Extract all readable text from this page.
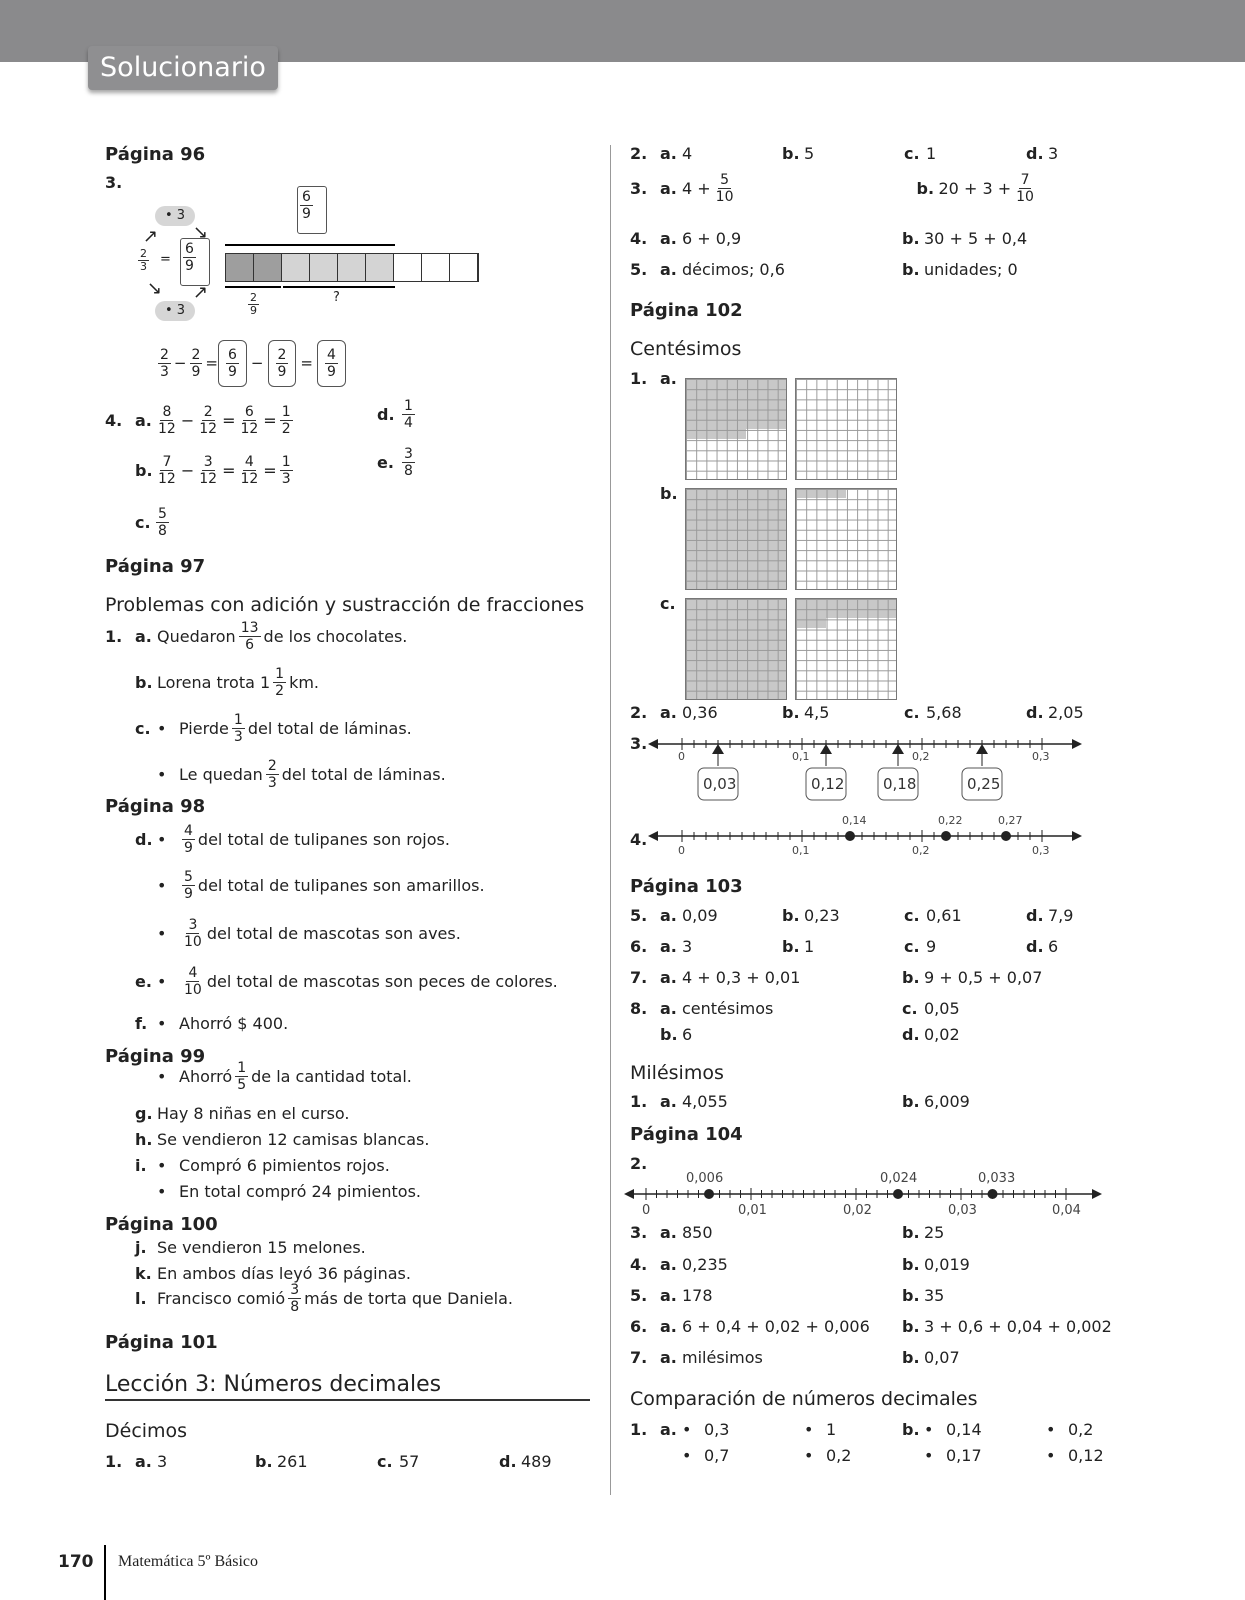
Solucionario
Página 96
3.
• 3
• 3
↗ ↘
↘ ↗
$\frac{2}{3} = \frac{6}{9}$
$\frac{6}{9}$
$\frac{2}{9}$	?
$\frac{2}{3} - \frac{2}{9} = \frac{6}{9} - \frac{2}{9} = \frac{4}{9}$
4. a. $\frac{8}{12} - \frac{2}{12} = \frac{6}{12} = \frac{1}{2}$	d. $\frac{1}{4}$
b. $\frac{7}{12} - \frac{3}{12} = \frac{4}{12} = \frac{1}{3}$	e. $\frac{3}{8}$
c. $\frac{5}{8}$
Página 97
Problemas con adición y sustracción de fracciones
1. a. Quedaron $\frac{13}{6}$ de los chocolates.
b. Lorena trota $1 \frac{1}{2}$ km.
c. • Pierde $\frac{1}{3}$ del total de láminas.
• Le quedan $\frac{2}{3}$ del total de láminas.
Página 98
d. •	$\frac{4}{9}$ del total de tulipanes son rojos.
•	$\frac{5}{9}$ del total de tulipanes son amarillos.
•	$\frac{3}{10}$ del total de mascotas son aves.
e. •	$\frac{4}{10}$ del total de mascotas son peces de colores.
f. • Ahorró $ 400.
Página 99
• Ahorró $\frac{1}{5}$ de la cantidad total.
g. Hay 8 niñas en el curso.
h. Se vendieron 12 camisas blancas.
i. • Compró 6 pimientos rojos.
• En total compró 24 pimientos.
Página 100
j. Se vendieron 15 melones.
k. En ambos días leyó 36 páginas.
l. Francisco comió $\frac{3}{8}$ más de torta que Daniela.
Página 101
Lección 3: Números decimales
Décimos
1. a. 3	b. 261	c. 57	d. 489
2. a. 4	b. 5	c. 1	d. 3
3. a. $4 + \frac{5}{10}$	b. $20 + 3 + \frac{7}{10}$
4. a. 6 + 0,9	b. 30 + 5 + 0,4
5. a. décimos; 0,6	b. unidades; 0
Página 102
Centésimos
1. a.
b.
c.
2. a. 0,36	b. 4,5	c. 5,68	d. 2,05
3.
0	0,1	0,2	0,3
0,03	0,12	0,18	0,25
4.
0,14	0,22	0,27
0	0,1	0,2	0,3
Página 103
5. a. 0,09	b. 0,23	c. 0,61	d. 7,9
6. a. 3	b. 1	c. 9	d. 6
7. a. 4 + 0,3 + 0,01	b. 9 + 0,5 + 0,07
8. a. centésimos	c. 0,05
b. 6	d. 0,02
Milésimos
1. a. 4,055	b. 6,009
Página 104
2.
0,006	0,024	0,033
0	0,01	0,02	0,03	0,04
3. a. 850	b. 25
4. a. 0,235	b. 0,019
5. a. 178	b. 35
6. a. 6 + 0,4 + 0,02 + 0,006 b. 3 + 0,6 + 0,04 + 0,002
7. a. milésimos	b. 0,07
Comparación de números decimales
1. a. • 0,3	• 1	b. • 0,14	• 0,2
• 0,7	• 0,2	• 0,17	• 0,12
170 Matemática 5º Básico
